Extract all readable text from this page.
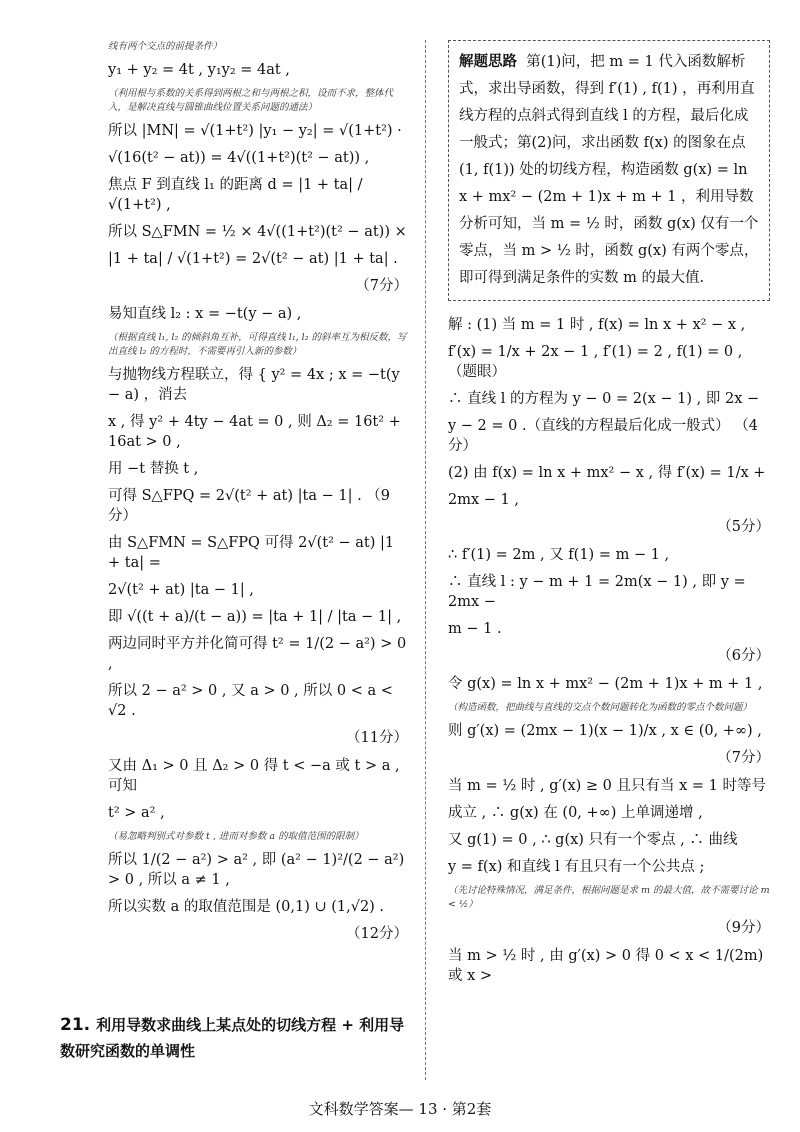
线有两个交点的前提条件）
y₁ + y₂ = 4t , y₁y₂ = 4at ,
（利用根与系数的关系得到两根之和与两根之积，设而不求，整体代入，是解决直线与圆锥曲线位置关系问题的通法）
所以 |MN| = √(1+t²) |y₁ − y₂| = √(1+t²) ·
√(16(t² − at)) = 4√((1+t²)(t² − at)) ,
焦点 F 到直线 l₁ 的距离 d = |1 + ta| / √(1+t²) ,
所以 S△FMN = ½ × 4√((1+t²)(t² − at)) ×
|1 + ta| / √(1+t²) = 2√(t² − at) |1 + ta| .
（7分）
易知直线 l₂ : x = −t(y − a) ,
（根据直线 l₁, l₂ 的倾斜角互补，可得直线 l₁, l₂ 的斜率互为相反数，写出直线 l₂ 的方程时，不需要再引入新的参数）
与抛物线方程联立，得 { y² = 4x ; x = −t(y − a) ，消去
x , 得 y² + 4ty − 4at = 0 , 则 Δ₂ = 16t² + 16at > 0 ,
用 −t 替换 t ,
可得 S△FPQ = 2√(t² + at) |ta − 1| . （9分）
由 S△FMN = S△FPQ 可得 2√(t² − at) |1 + ta| =
2√(t² + at) |ta − 1| ,
即 √((t + a)/(t − a)) = |ta + 1| / |ta − 1| ,
两边同时平方并化简可得 t² = 1/(2 − a²) > 0 ,
所以 2 − a² > 0 , 又 a > 0 , 所以 0 < a < √2 .
（11分）
又由 Δ₁ > 0 且 Δ₂ > 0 得 t < −a 或 t > a , 可知
t² > a² ,
（易忽略判别式对参数 t , 进而对参数 a 的取值范围的限制）
所以 1/(2 − a²) > a² , 即 (a² − 1)²/(2 − a²) > 0 , 所以 a ≠ 1 ,
所以实数 a 的取值范围是 (0,1) ∪ (1,√2) .
（12分）
解题思路 第(1)问，把 m = 1 代入函数解析式，求出导函数，得到 f′(1) , f(1) ，再利用直线方程的点斜式得到直线 l 的方程，最后化成一般式；第(2)问，求出函数 f(x) 的图象在点 (1, f(1)) 处的切线方程，构造函数 g(x) = ln x + mx² − (2m + 1)x + m + 1 ，利用导数分析可知，当 m = ½ 时，函数 g(x) 仅有一个零点，当 m > ½ 时，函数 g(x) 有两个零点，即可得到满足条件的实数 m 的最大值.
解 : (1) 当 m = 1 时 , f(x) = ln x + x² − x ,
f′(x) = 1/x + 2x − 1 , f′(1) = 2 , f(1) = 0 ,（题眼）
∴ 直线 l 的方程为 y − 0 = 2(x − 1) , 即 2x −
y − 2 = 0 .（直线的方程最后化成一般式） （4分）
(2) 由 f(x) = ln x + mx² − x , 得 f′(x) = 1/x +
2mx − 1 ,
（5分）
∴ f′(1) = 2m , 又 f(1) = m − 1 ,
∴ 直线 l : y − m + 1 = 2m(x − 1) , 即 y = 2mx −
m − 1 .
（6分）
令 g(x) = ln x + mx² − (2m + 1)x + m + 1 ,
（构造函数，把曲线与直线的交点个数问题转化为函数的零点个数问题）
则 g′(x) = (2mx − 1)(x − 1)/x , x ∈ (0, +∞) ,
（7分）
当 m = ½ 时 , g′(x) ≥ 0 且只有当 x = 1 时等号
成立 , ∴ g(x) 在 (0, +∞) 上单调递增 ,
又 g(1) = 0 , ∴ g(x) 只有一个零点 , ∴ 曲线
y = f(x) 和直线 l 有且只有一个公共点 ;
（先讨论特殊情况，满足条件，根据问题是求 m 的最大值，故不需要讨论 m < ½）
（9分）
当 m > ½ 时 , 由 g′(x) > 0 得 0 < x < 1/(2m) 或 x >
21. 利用导数求曲线上某点处的切线方程 + 利用导数研究函数的单调性
文科数学答案— 13 · 第2套
